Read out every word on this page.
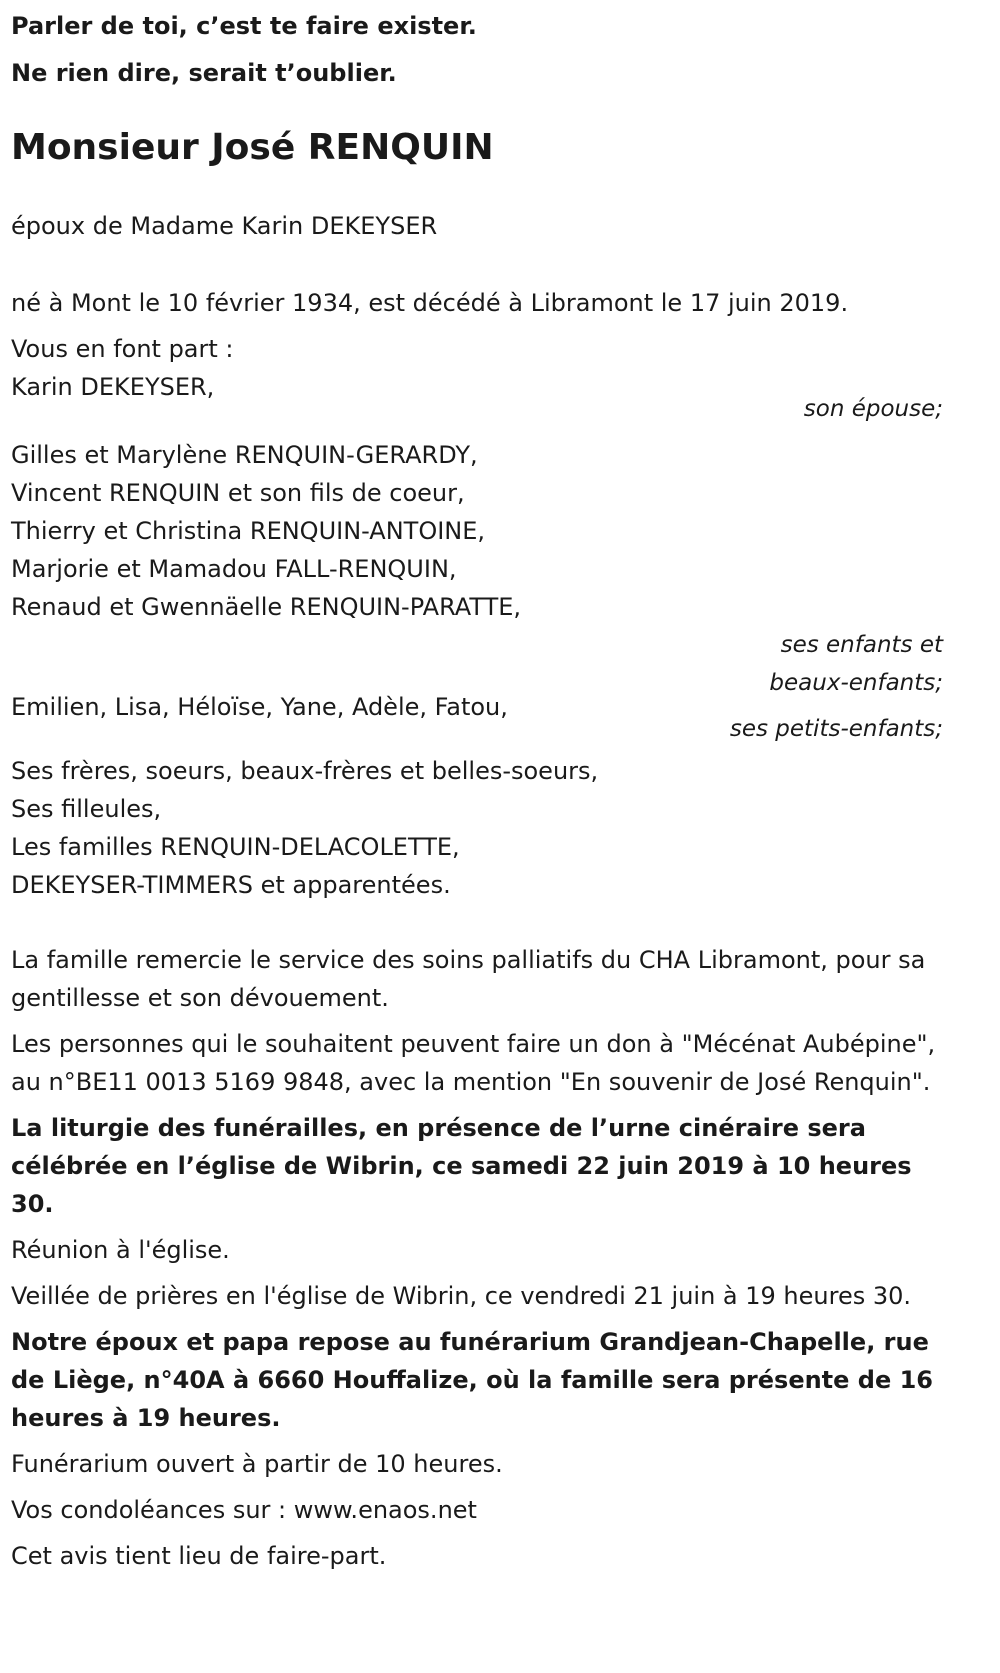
Parler de toi, c’est te faire exister.

Ne rien dire, serait t’oublier.

Monsieur José RENQUIN

époux de Madame Karin DEKEYSER

né à Mont le 10 février 1934, est décédé à Libramont le 17 juin 2019.

Vous en font part :

Karin DEKEYSER,

son épouse;

Gilles et Marylène RENQUIN-GERARDY,

Vincent RENQUIN et son fils de coeur,

Thierry et Christina RENQUIN-ANTOINE,

Marjorie et Mamadou FALL-RENQUIN,

Renaud et Gwennäelle RENQUIN-PARATTE,

ses enfants et

beaux-enfants;

Emilien, Lisa, Héloïse, Yane, Adèle, Fatou,

ses petits-enfants;

Ses frères, soeurs, beaux-frères et belles-soeurs,

Ses filleules,

Les familles RENQUIN-DELACOLETTE,

DEKEYSER-TIMMERS et apparentées.

La famille remercie le service des soins palliatifs du CHA Libramont, pour sa gentillesse et son dévouement.

Les personnes qui le souhaitent peuvent faire un don à "Mécénat Aubépine", au n°BE11 0013 5169 9848, avec la mention "En souvenir de José Renquin".

La liturgie des funérailles, en présence de l’urne cinéraire sera célébrée en l’église de Wibrin, ce samedi 22 juin 2019 à 10 heures 30.

Réunion à l'église.

Veillée de prières en l'église de Wibrin, ce vendredi 21 juin à 19 heures 30.

Notre époux et papa repose au funérarium Grandjean-Chapelle, rue de Liège, n°40A à 6660 Houffalize, où la famille sera présente de 16 heures à 19 heures.

Funérarium ouvert à partir de 10 heures.

Vos condoléances sur : www.enaos.net

Cet avis tient lieu de faire-part.
